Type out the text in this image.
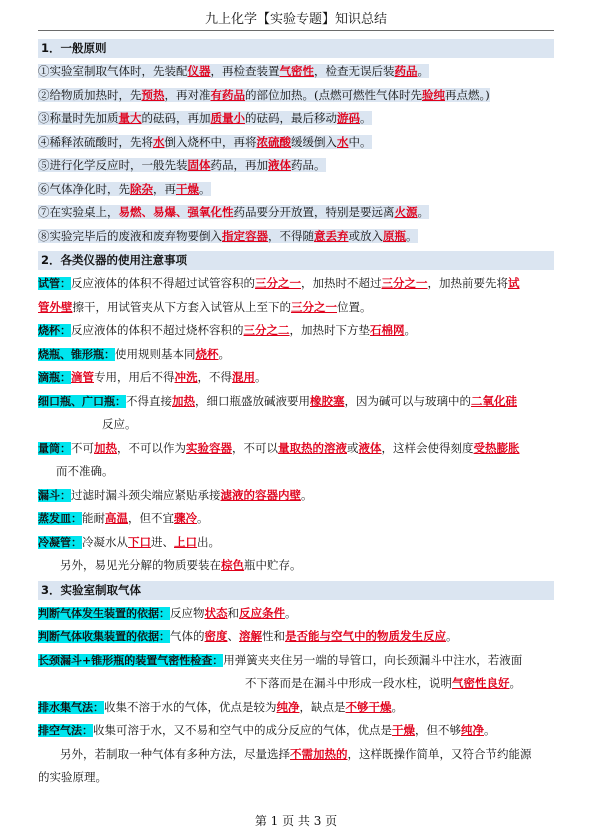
九上化学【实验专题】知识总结
1．一般原则
①实验室制取气体时，先装配仪器，再检查装置气密性，检查无误后装药品。
②给物质加热时，先预热，再对准有药品的部位加热。(点燃可燃性气体时先验纯再点燃。)
③称量时先加质量大的砝码，再加质量小的砝码，最后移动游码。
④稀释浓硫酸时，先将水倒入烧杯中，再将浓硫酸缓缓倒入水中。
⑤进行化学反应时，一般先装固体药品，再加液体药品。
⑥气体净化时，先除杂，再干燥。
⑦在实验桌上，易燃、易爆、强氧化性药品要分开放置，特别是要远离火源。
⑧实验完毕后的废液和废弃物要倒入指定容器，不得随意丢弃或放入原瓶。
2．各类仪器的使用注意事项
试管：反应液体的体积不得超过试管容积的三分之一，加热时不超过三分之一，加热前要先将试
管外壁擦干，用试管夹从下方套入试管从上至下的三分之一位置。
烧杯：反应液体的体积不超过烧杯容积的三分之二，加热时下方垫石棉网。
烧瓶、锥形瓶：使用规则基本同烧杯。
滴瓶：滴管专用，用后不得冲洗，不得混用。
细口瓶、广口瓶：不得直接加热，细口瓶盛放碱液要用橡胶塞，因为碱可以与玻璃中的二氧化硅
反应。
量筒：不可加热，不可以作为实验容器，不可以量取热的溶液或液体，这样会使得刻度受热膨胀
而不准确。
漏斗：过滤时漏斗颈尖端应紧贴承接滤液的容器内壁。
蒸发皿：能耐高温，但不宜骤冷。
冷凝管：冷凝水从下口进、上口出。
另外，易见光分解的物质要装在棕色瓶中贮存。
3．实验室制取气体
判断气体发生装置的依据：反应物状态和反应条件。
判断气体收集装置的依据：气体的密度、溶解性和是否能与空气中的物质发生反应。
长颈漏斗+锥形瓶的装置气密性检查：用弹簧夹夹住另一端的导管口，向长颈漏斗中注水，若液面
不下落而是在漏斗中形成一段水柱，说明气密性良好。
排水集气法：收集不溶于水的气体，优点是较为纯净，缺点是不够干燥。
排空气法：收集可溶于水，又不易和空气中的成分反应的气体，优点是干燥，但不够纯净。
另外，若制取一种气体有多种方法，尽量选择不需加热的，这样既操作简单，又符合节约能源
的实验原理。
第 1 页 共 3 页
